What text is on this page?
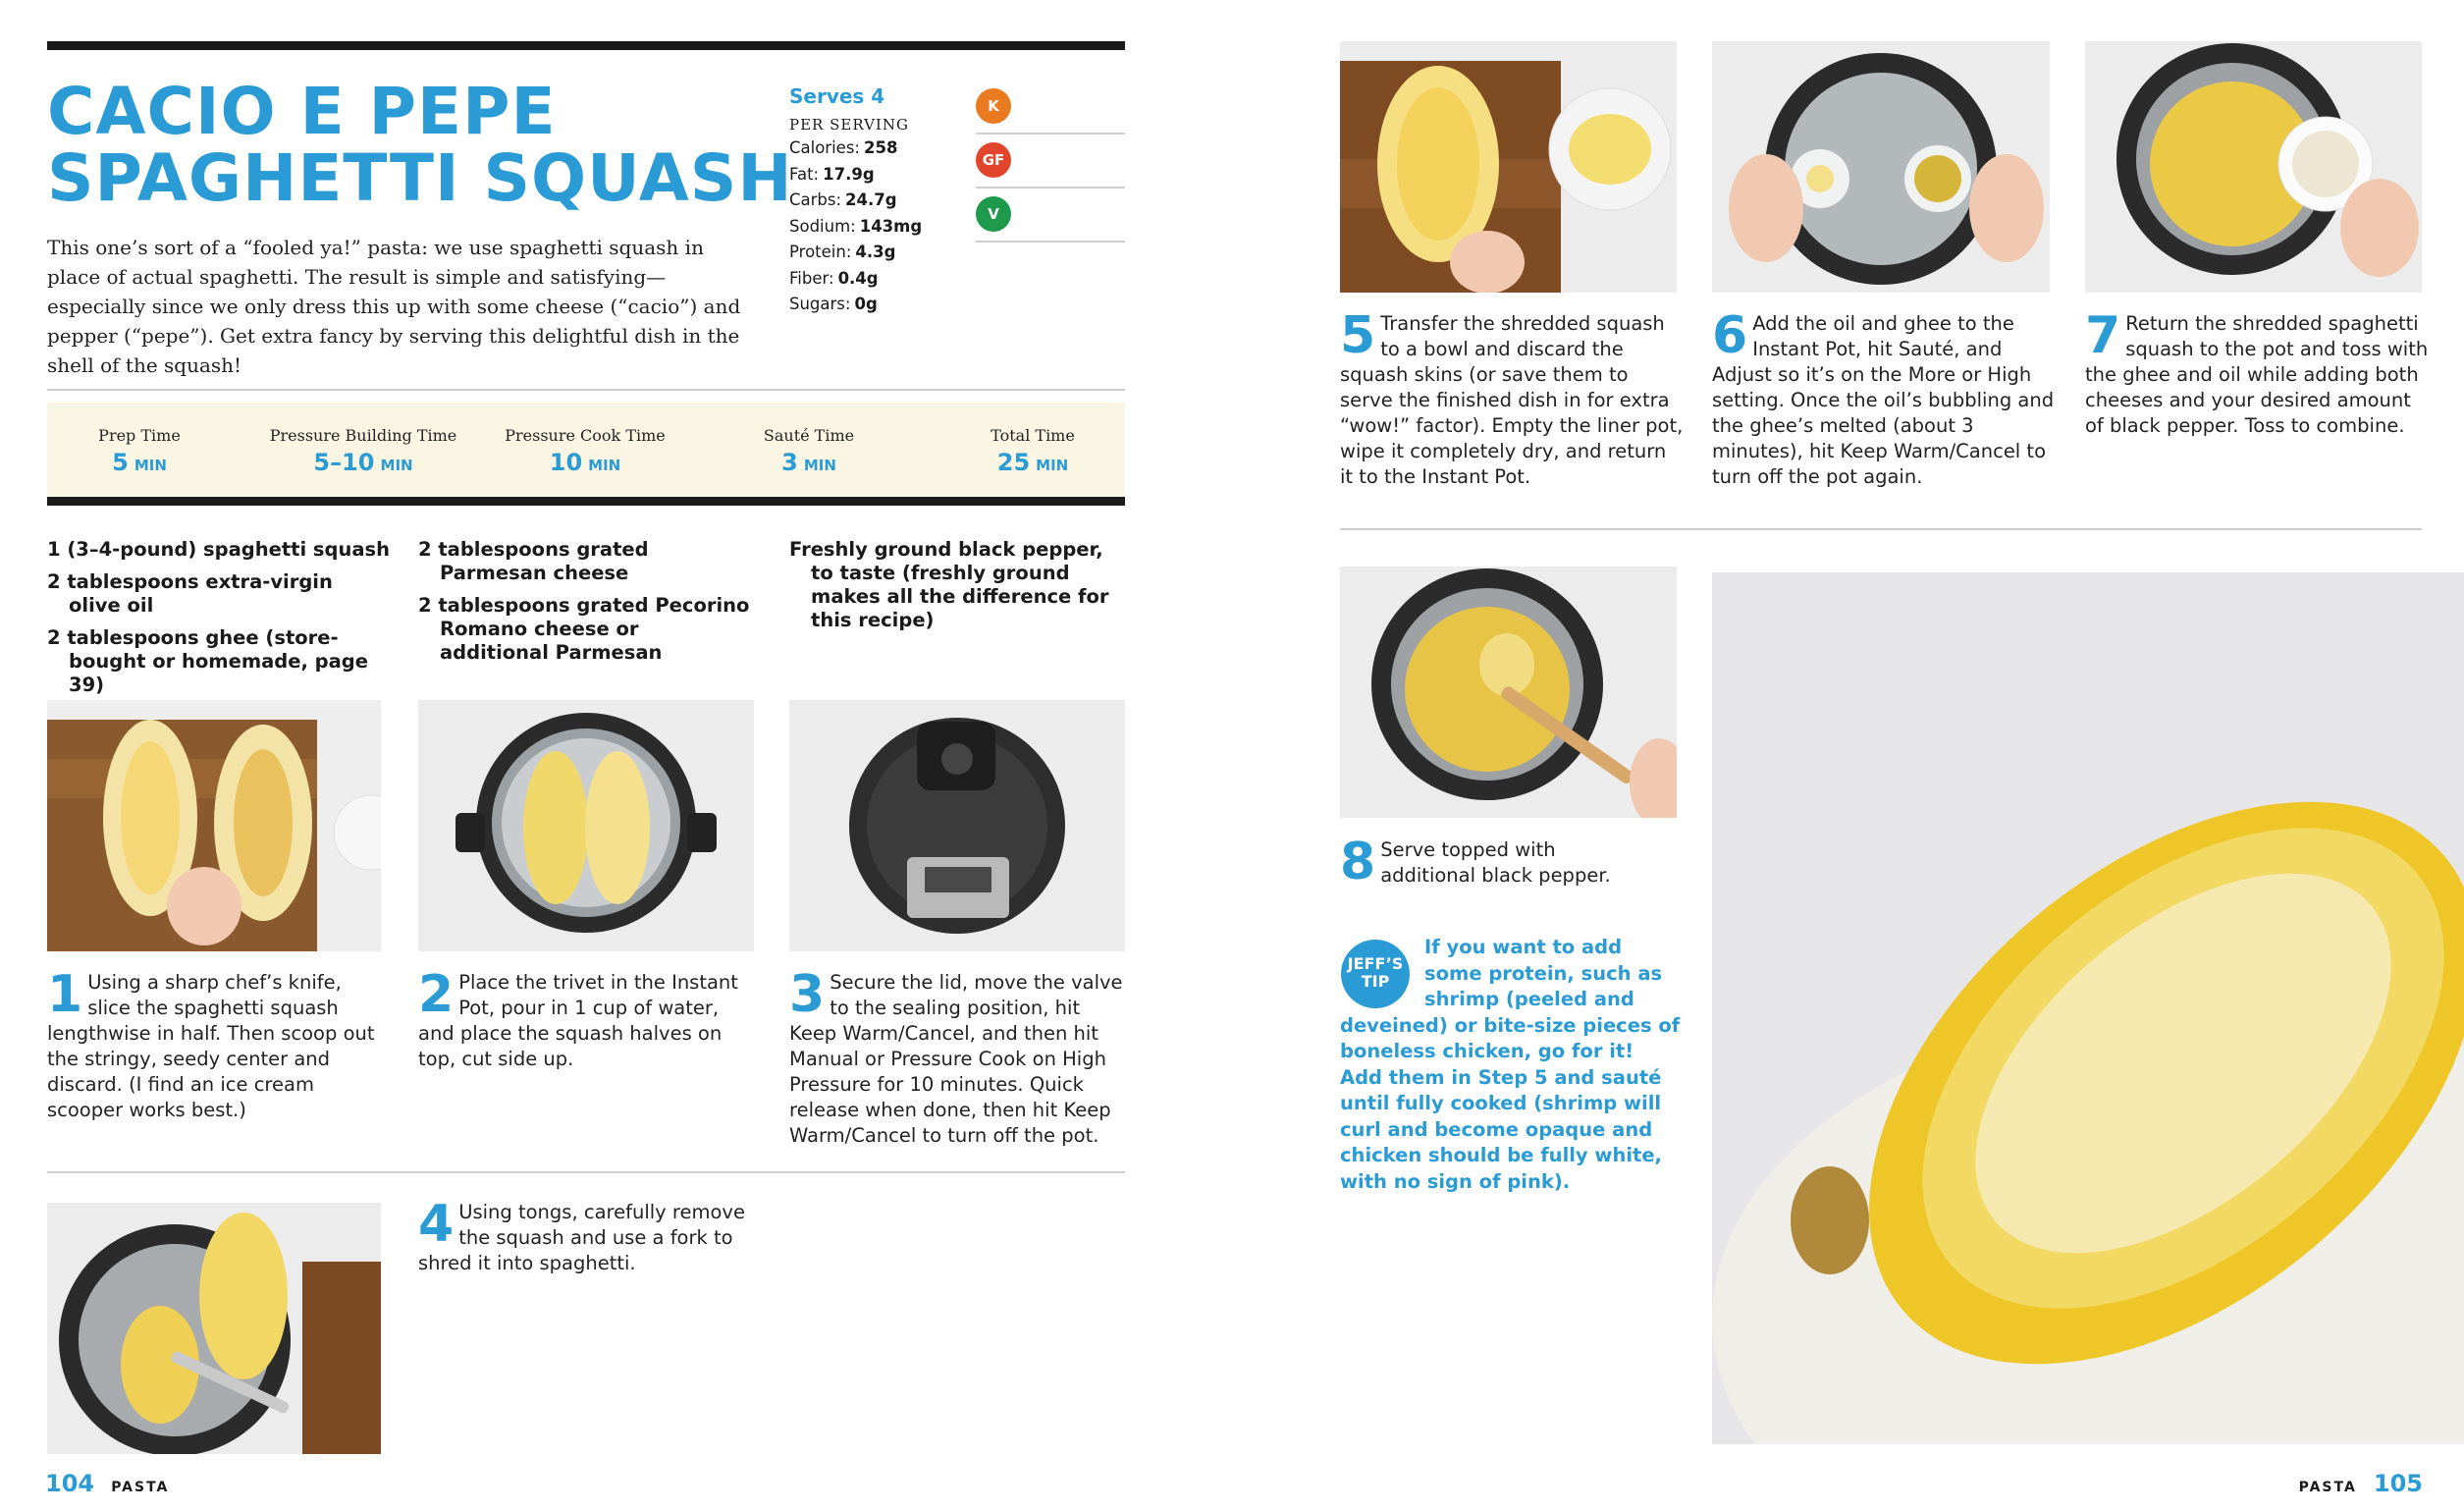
CACIO E PEPE
SPAGHETTI SQUASH
This one’s sort of a “fooled ya!” pasta: we use spaghetti squash in place of actual spaghetti. The result is simple and satisfying—especially since we only dress this up with some cheese (“cacio”) and pepper (“pepe”). Get extra fancy by serving this delightful dish in the shell of the squash!
Serves 4
PER SERVING
Calories: 258
Fat: 17.9g
Carbs: 24.7g
Sodium: 143mg
Protein: 4.3g
Fiber: 0.4g
Sugars: 0g
K
GF
V
Prep Time
5 MIN
Pressure Building Time
5–10 MIN
Pressure Cook Time
10 MIN
Sauté Time
3 MIN
Total Time
25 MIN
1 (3–4-pound) spaghetti squash
2 tablespoons extra-virgin olive oil
2 tablespoons ghee (store-bought or homemade, page 39)
2 tablespoons grated Parmesan cheese
2 tablespoons grated Pecorino Romano cheese or additional Parmesan
Freshly ground black pepper, to taste (freshly ground makes all the difference for this recipe)
1 Using a sharp chef’s knife, slice the spaghetti squash lengthwise in half. Then scoop out the stringy, seedy center and discard. (I find an ice cream scooper works best.)
2 Place the trivet in the Instant Pot, pour in 1 cup of water, and place the squash halves on top, cut side up.
3 Secure the lid, move the valve to the sealing position, hit Keep Warm/Cancel, and then hit Manual or Pressure Cook on High Pressure for 10 minutes. Quick release when done, then hit Keep Warm/Cancel to turn off the pot.
4 Using tongs, carefully remove the squash and use a fork to shred it into spaghetti.
104 PASTA
5 Transfer the shredded squash to a bowl and discard the squash skins (or save them to serve the finished dish in for extra “wow!” factor). Empty the liner pot, wipe it completely dry, and return it to the Instant Pot.
6 Add the oil and ghee to the Instant Pot, hit Sauté, and Adjust so it’s on the More or High setting. Once the oil’s bubbling and the ghee’s melted (about 3 minutes), hit Keep Warm/Cancel to turn off the pot again.
7 Return the shredded spaghetti squash to the pot and toss with the ghee and oil while adding both cheeses and your desired amount of black pepper. Toss to combine.
8 Serve topped with additional black pepper.
JEFF’S
TIP
If you want to add some protein, such as shrimp (peeled and deveined) or bite-size pieces of boneless chicken, go for it! Add them in Step 5 and sauté until fully cooked (shrimp will curl and become opaque and chicken should be fully white, with no sign of pink).
PASTA 105
